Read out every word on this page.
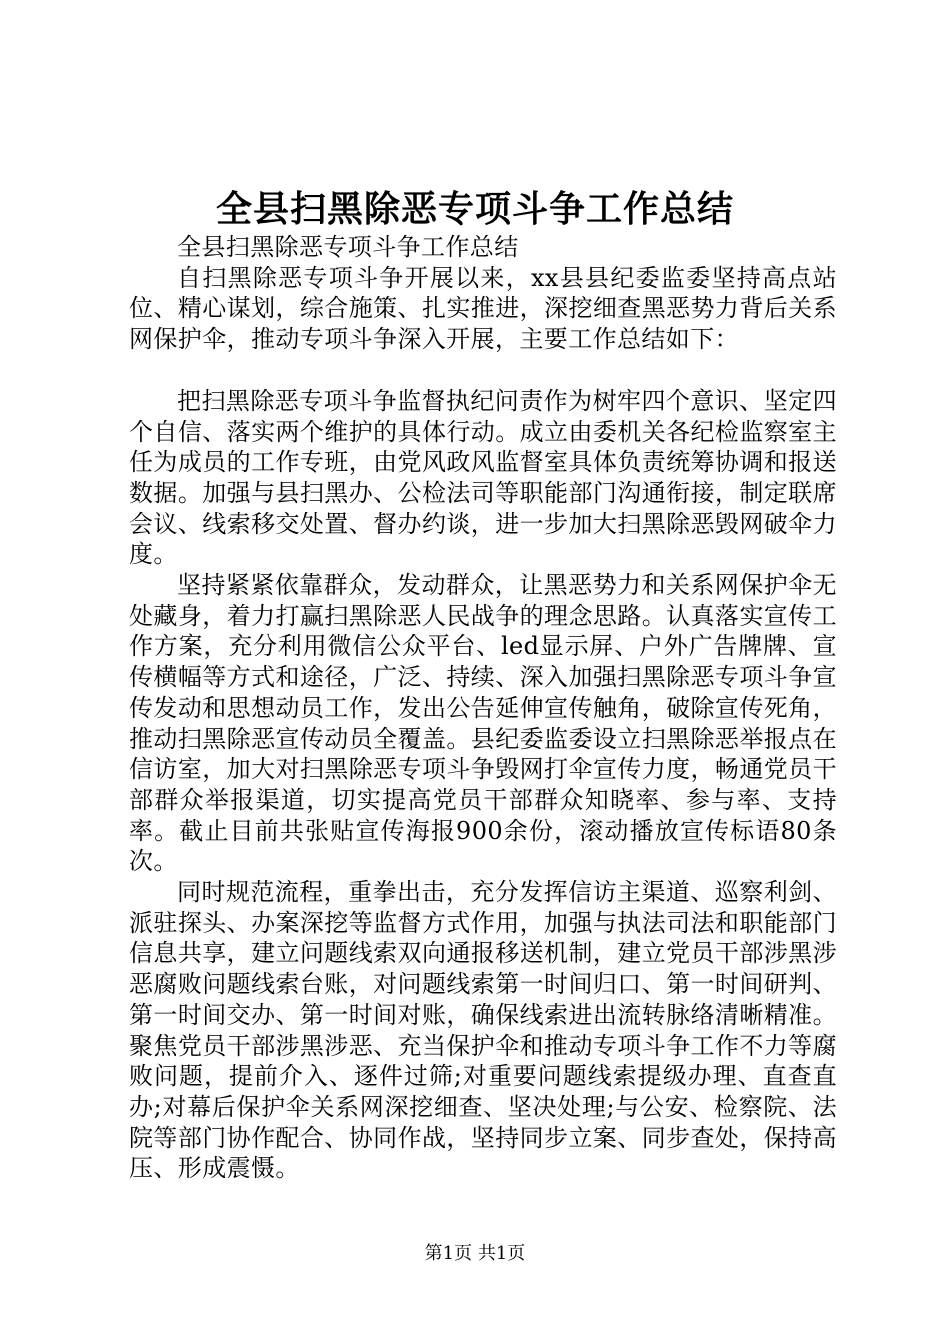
全县扫黑除恶专项斗争工作总结

全县扫黑除恶专项斗争工作总结

自扫黑除恶专项斗争开展以来，xx县县纪委监委坚持高点站位、精心谋划，综合施策、扎实推进，深挖细查黑恶势力背后关系网保护伞，推动专项斗争深入开展，主要工作总结如下：

把扫黑除恶专项斗争监督执纪问责作为树牢四个意识、坚定四个自信、落实两个维护的具体行动。成立由委机关各纪检监察室主任为成员的工作专班，由党风政风监督室具体负责统筹协调和报送数据。加强与县扫黑办、公检法司等职能部门沟通衔接，制定联席会议、线索移交处置、督办约谈，进一步加大扫黑除恶毁网破伞力度。

坚持紧紧依靠群众，发动群众，让黑恶势力和关系网保护伞无处藏身，着力打赢扫黑除恶人民战争的理念思路。认真落实宣传工作方案，充分利用微信公众平台、led显示屏、户外广告牌牌、宣传横幅等方式和途径，广泛、持续、深入加强扫黑除恶专项斗争宣传发动和思想动员工作，发出公告延伸宣传触角，破除宣传死角，推动扫黑除恶宣传动员全覆盖。县纪委监委设立扫黑除恶举报点在信访室，加大对扫黑除恶专项斗争毁网打伞宣传力度，畅通党员干部群众举报渠道，切实提高党员干部群众知晓率、参与率、支持率。截止目前共张贴宣传海报900余份，滚动播放宣传标语80条次。

同时规范流程，重拳出击，充分发挥信访主渠道、巡察利剑、派驻探头、办案深挖等监督方式作用，加强与执法司法和职能部门信息共享，建立问题线索双向通报移送机制，建立党员干部涉黑涉恶腐败问题线索台账，对问题线索第一时间归口、第一时间研判、第一时间交办、第一时间对账，确保线索进出流转脉络清晰精准。聚焦党员干部涉黑涉恶、充当保护伞和推动专项斗争工作不力等腐败问题，提前介入、逐件过筛;对重要问题线索提级办理、直查直办;对幕后保护伞关系网深挖细查、坚决处理;与公安、检察院、法院等部门协作配合、协同作战，坚持同步立案、同步查处，保持高压、形成震慑。

第1页 共1页
